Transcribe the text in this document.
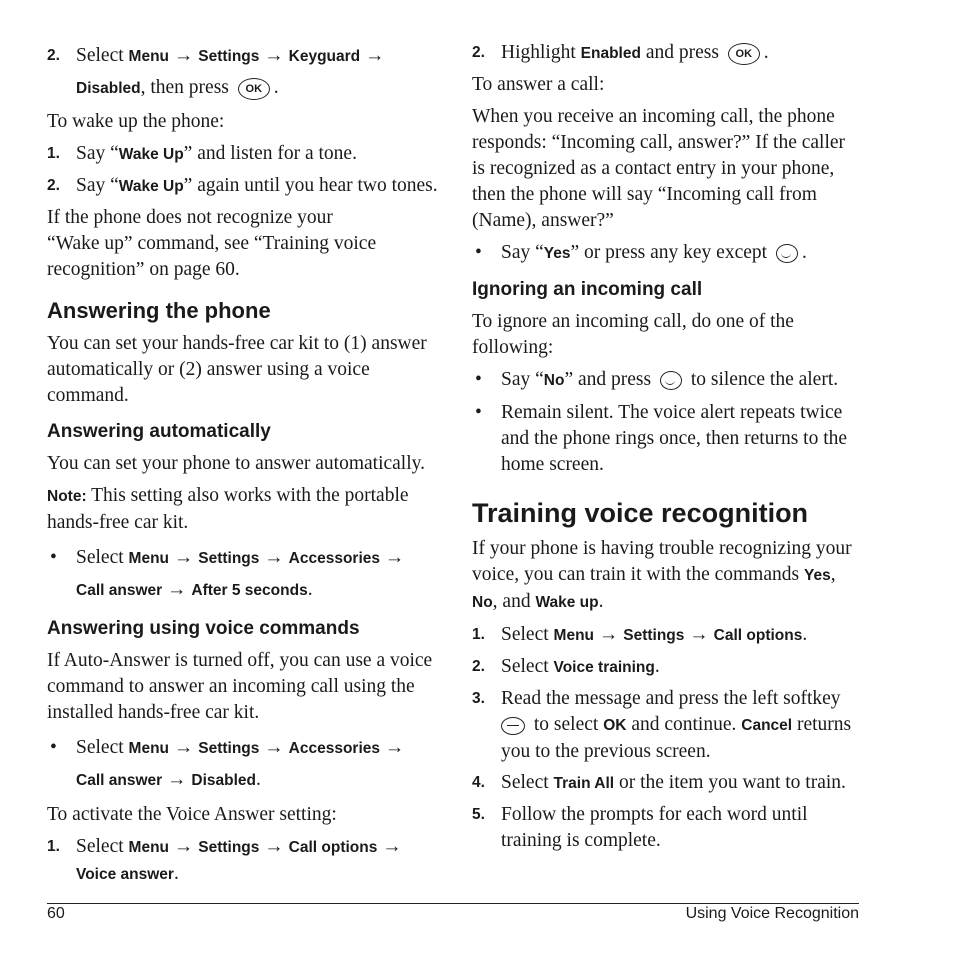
2. Select Menu → Settings → Keyguard →
Disabled, then press OK .

To wake up the phone:

1. Say “Wake Up” and listen for a tone.
2. Say “Wake Up” again until you hear two tones.

If the phone does not recognize your “Wake up” command, see “Training voice recognition” on page 60.

Answering the phone

You can set your hands-free car kit to (1) answer automatically or (2) answer using a voice command.

Answering automatically

You can set your phone to answer automatically.

Note: This setting also works with the portable hands-free car kit.

• Select Menu → Settings → Accessories →
Call answer → After 5 seconds.
Answering using voice commands

If Auto-Answer is turned off, you can use a voice command to answer an incoming call using the installed hands-free car kit.

• Select Menu → Settings → Accessories →
Call answer → Disabled.

To activate the Voice Answer setting:

1. Select Menu → Settings → Call options →
Voice answer.
2. Highlight Enabled and press OK .

To answer a call:

When you receive an incoming call, the phone responds: “Incoming call, answer?” If the caller is recognized as a contact entry in your phone, then the phone will say “Incoming call from (Name), answer?”

• Say “Yes” or press any key except .
Ignoring an incoming call

To ignore an incoming call, do one of the following:

• Say “No” and press to silence the alert.
• Remain silent. The voice alert repeats twice and the phone rings once, then returns to the home screen.
Training voice recognition

If your phone is having trouble recognizing your voice, you can train it with the commands Yes, No, and Wake up.

1. Select Menu → Settings → Call options.
2. Select Voice training.
3. Read the message and press the left softkey
to select OK and continue. Cancel returns you to the previous screen.
4. Select Train All or the item you want to train.
5. Follow the prompts for each word until training is complete.
60	Using Voice Recognition
